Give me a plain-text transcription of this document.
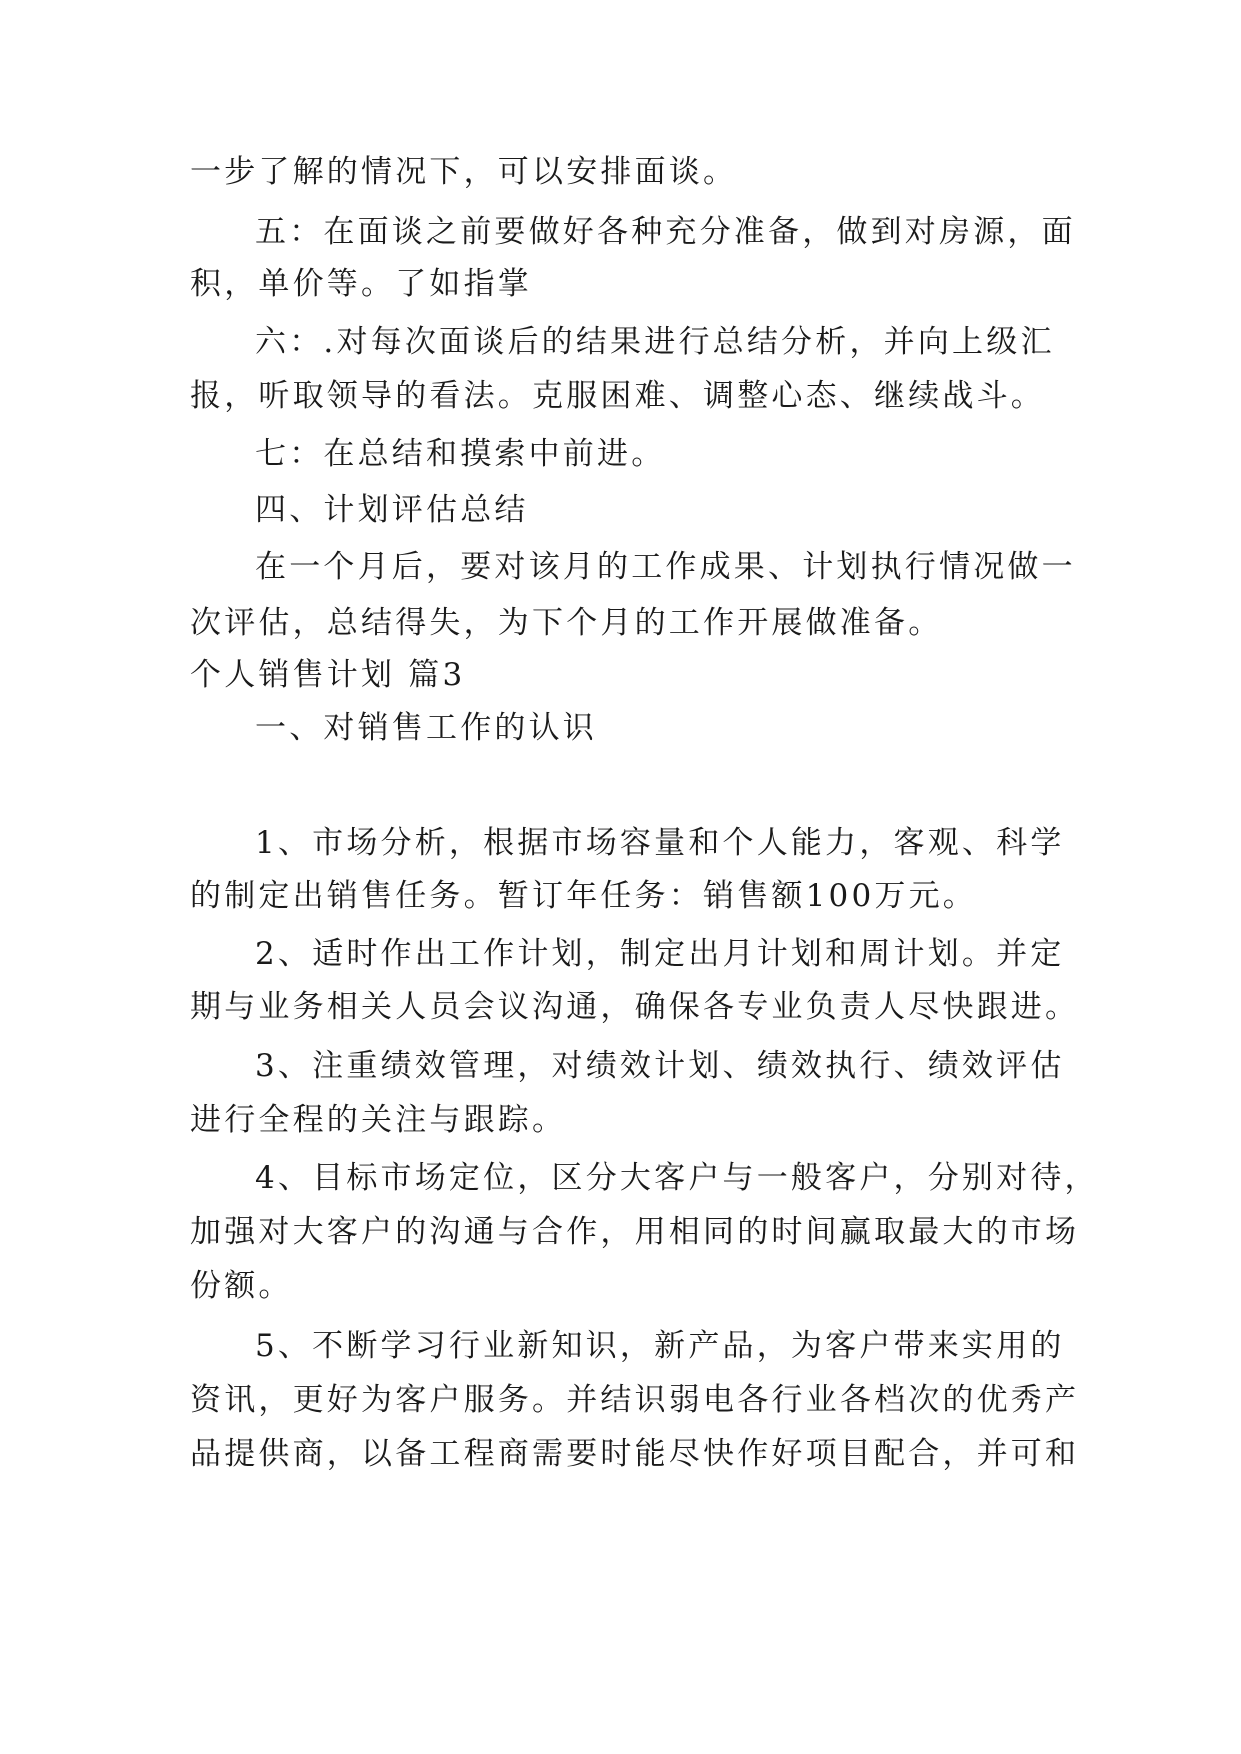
一步了解的情况下，可以安排面谈。
五：在面谈之前要做好各种充分准备，做到对房源，面
积，单价等。了如指掌
六：.对每次面谈后的结果进行总结分析，并向上级汇
报，听取领导的看法。克服困难、调整心态、继续战斗。
七：在总结和摸索中前进。
四、计划评估总结
在一个月后，要对该月的工作成果、计划执行情况做一
次评估，总结得失，为下个月的工作开展做准备。
个人销售计划 篇3
一、对销售工作的认识
1、市场分析，根据市场容量和个人能力，客观、科学
的制定出销售任务。暂订年任务：销售额100万元。
2、适时作出工作计划，制定出月计划和周计划。并定
期与业务相关人员会议沟通，确保各专业负责人尽快跟进。
3、注重绩效管理，对绩效计划、绩效执行、绩效评估
进行全程的关注与跟踪。
4、目标市场定位，区分大客户与一般客户，分别对待，
加强对大客户的沟通与合作，用相同的时间赢取最大的市场
份额。
5、不断学习行业新知识，新产品，为客户带来实用的
资讯，更好为客户服务。并结识弱电各行业各档次的优秀产
品提供商，以备工程商需要时能尽快作好项目配合，并可和
